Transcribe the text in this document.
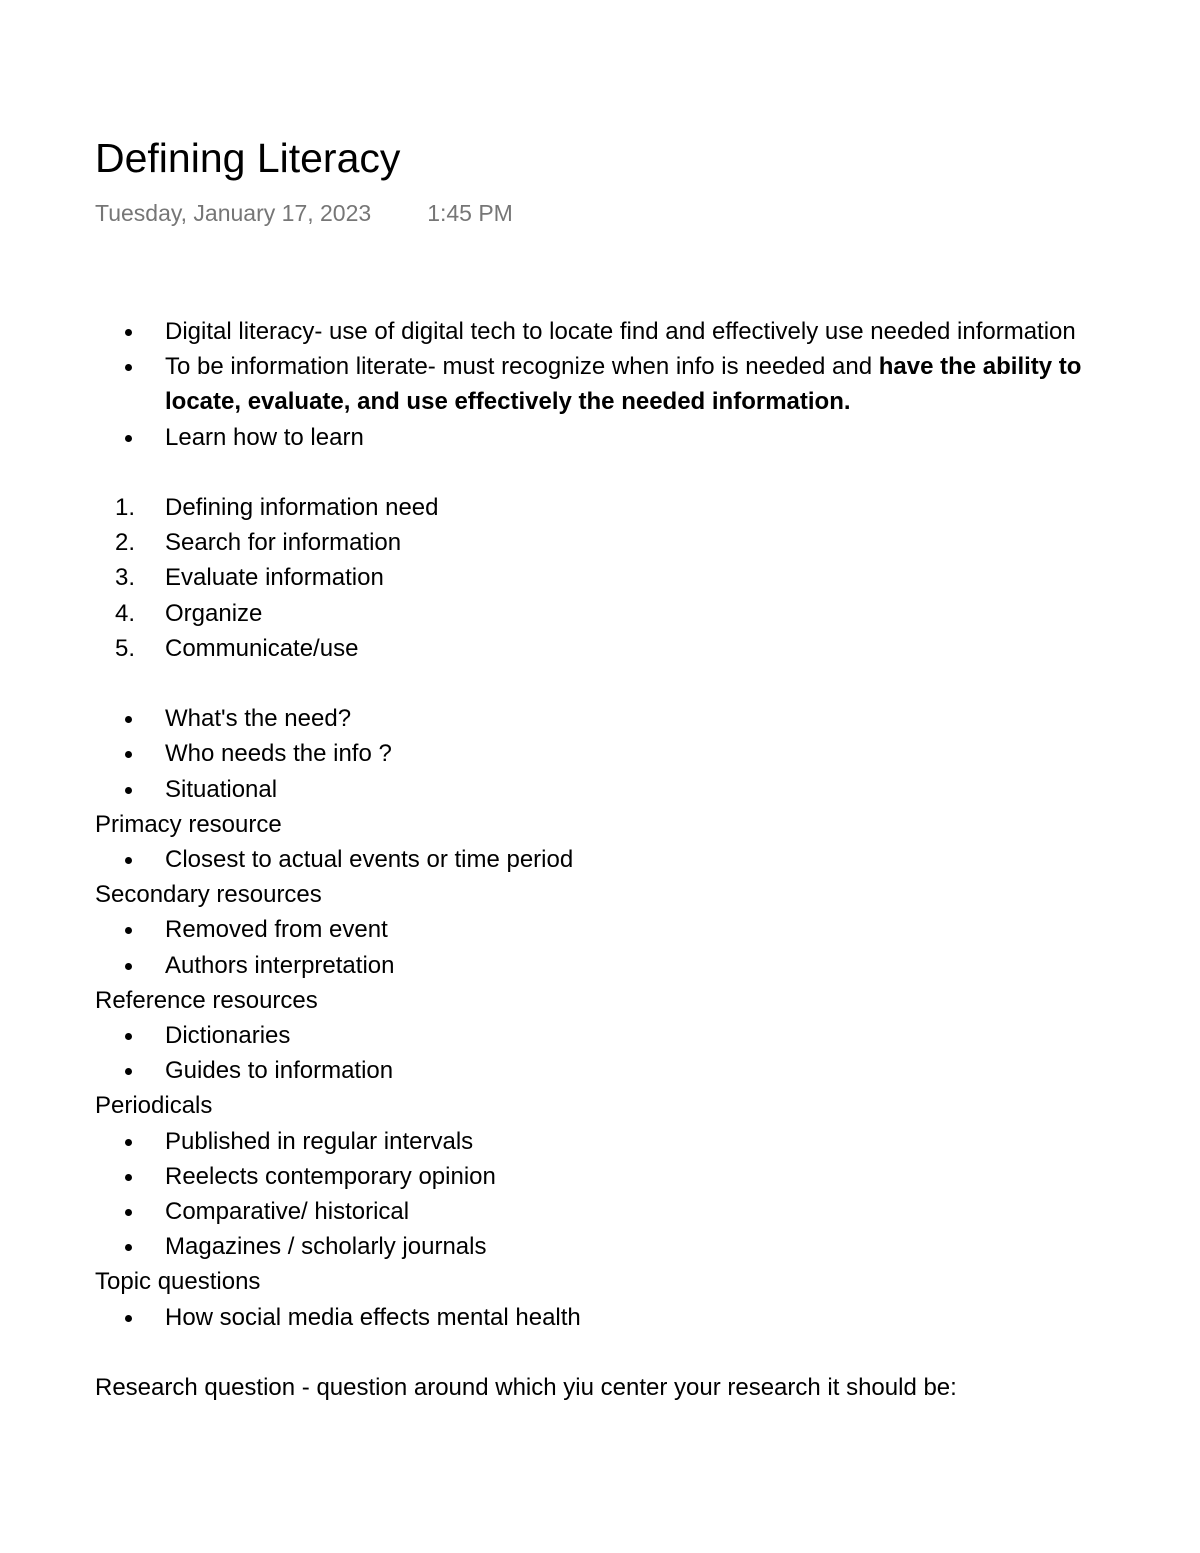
Defining Literacy
Tuesday, January 17, 2023 1:45 PM
Digital literacy- use of digital tech to locate find and effectively use needed information
To be information literate- must recognize when info is needed and have the ability to locate, evaluate, and use effectively the needed information.
Learn how to learn
1. Defining information need
2. Search for information
3. Evaluate information
4. Organize
5. Communicate/use
What's the need?
Who needs the info ?
Situational
Primacy resource
Closest to actual events or time period
Secondary resources
Removed from event
Authors interpretation
Reference resources
Dictionaries
Guides to information
Periodicals
Published in regular intervals
Reelects contemporary opinion
Comparative/ historical
Magazines / scholarly journals
Topic questions
How social media effects mental health
Research question - question around which yiu center your research it should be:
